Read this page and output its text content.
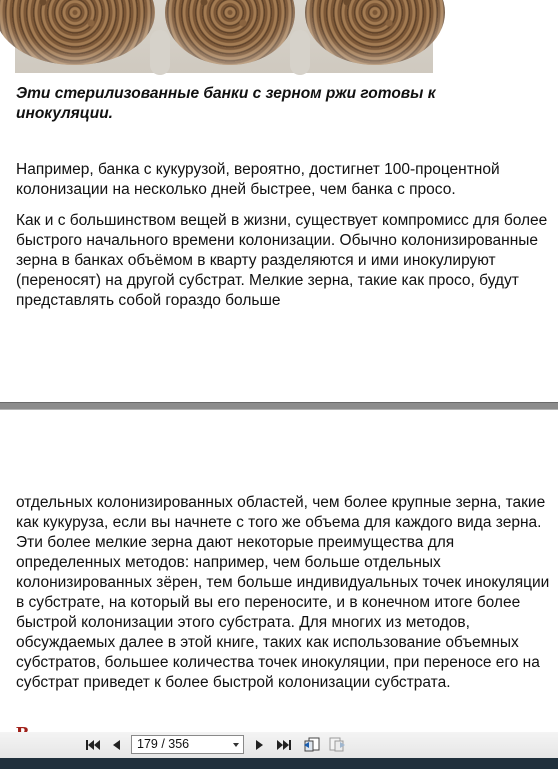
Эти стерилизованные банки с зерном ржи готовы к инокуляции.

Например, банка с кукурузой, вероятно, достигнет 100-процентной колонизации на несколько дней быстрее, чем банка с просо.

Как и с большинством вещей в жизни, существует компромисс для более быстрого начального времени колонизации. Обычно колонизированные зерна в банках объёмом в кварту разделяются и ими инокулируют (переносят) на другой субстрат. Мелкие зерна, такие как просо, будут представлять собой гораздо больше

отдельных колонизированных областей, чем более крупные зерна, такие как кукуруза, если вы начнете с того же объема для каждого вида зерна. Эти более мелкие зерна дают некоторые преимущества для определенных методов: например, чем больше отдельных колонизированных зёрен, тем больше индивидуальных точек инокуляции в субстрате, на который вы его переносите, и в конечном итоге более быстрой колонизации этого субстрата. Для многих из методов, обсуждаемых далее в этой книге, таких как использование объемных субстратов, большее количества точек инокуляции, при переносе его на субстрат приведет к более быстрой колонизации субстрата.

179 / 356
